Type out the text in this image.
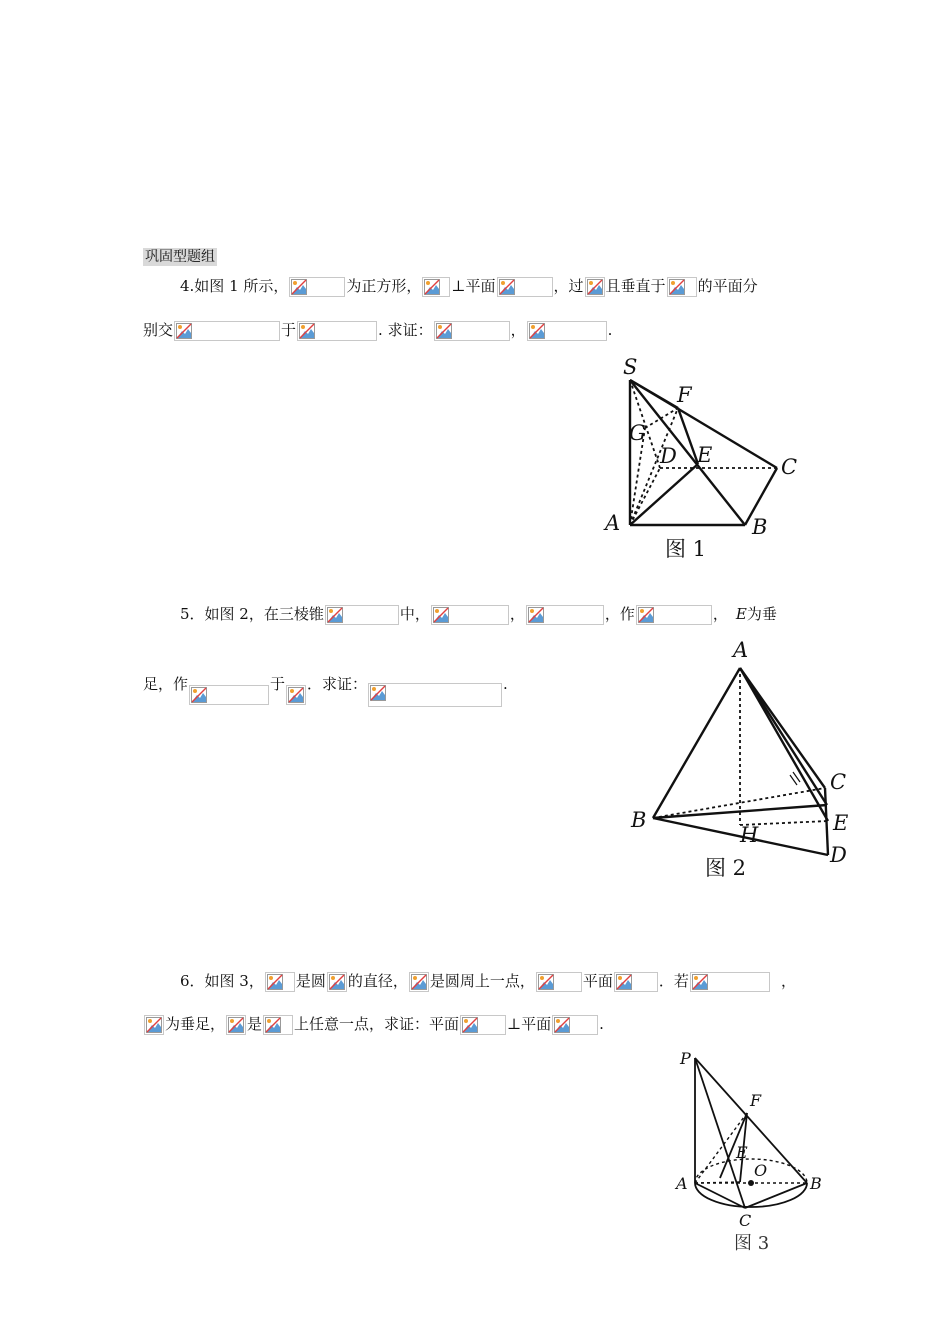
巩固型题组
4.如图 1 所示，	为正方形， ⊥平面	，过 且垂直于 的平面分
别交	于	. 求证：	，	.
S
F
G
D E	C
A	B
图 1
5．如图 2，在三棱锥	中，	，	，作	， E为垂
足，作	于 ．求证：	.
A
C
B	E
H
D
图 2
6．如图 3， 是圆 的直径， 是圆周上一点，	平面	．若	，
为垂足， 是 上任意一点，求证：平面	⊥平面	.
P
F
E
O
A	B
C
图 3
